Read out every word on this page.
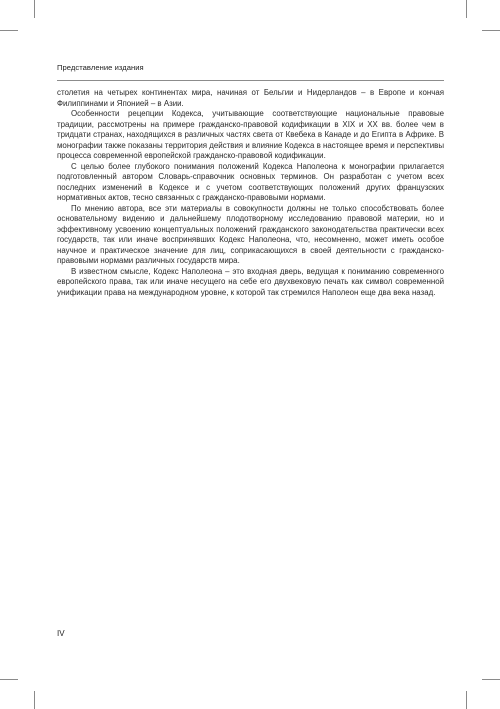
Представление издания

столетия на четырех континентах мира, начиная от Бельгии и Нидерландов – в Европе и кончая Филиппинами и Японией – в Азии.

Особенности рецепции Кодекса, учитывающие соответствующие национальные правовые традиции, рассмотрены на примере гражданско-правовой кодификации в XIX и XX вв. более чем в тридцати странах, находящихся в различных частях света от Квебека в Канаде и до Египта в Африке. В монографии также показаны территория действия и влияние Кодекса в настоящее время и перспективы процесса современной европейской гражданско-правовой кодификации.

С целью более глубокого понимания положений Кодекса Наполеона к монографии прилагается подготовленный автором Словарь-справочник основных терминов. Он разработан с учетом всех последних изменений в Кодексе и с учетом соответствующих положений других французских нормативных актов, тесно связанных с гражданско-правовыми нормами.

По мнению автора, все эти материалы в совокупности должны не только способствовать более основательному видению и дальнейшему плодотворному исследованию правовой материи, но и эффективному усвоению концептуальных положений гражданского законодательства практически всех государств, так или иначе воспринявших Кодекс Наполеона, что, несомненно, может иметь особое научное и практическое значение для лиц, соприкасающихся в своей деятельности с гражданско-правовыми нормами различных государств мира.

В известном смысле, Кодекс Наполеона – это входная дверь, ведущая к пониманию современного европейского права, так или иначе несущего на себе его двухвековую печать как символ современной унификации права на международном уровне, к которой так стремился Наполеон еще два века назад.

IV
